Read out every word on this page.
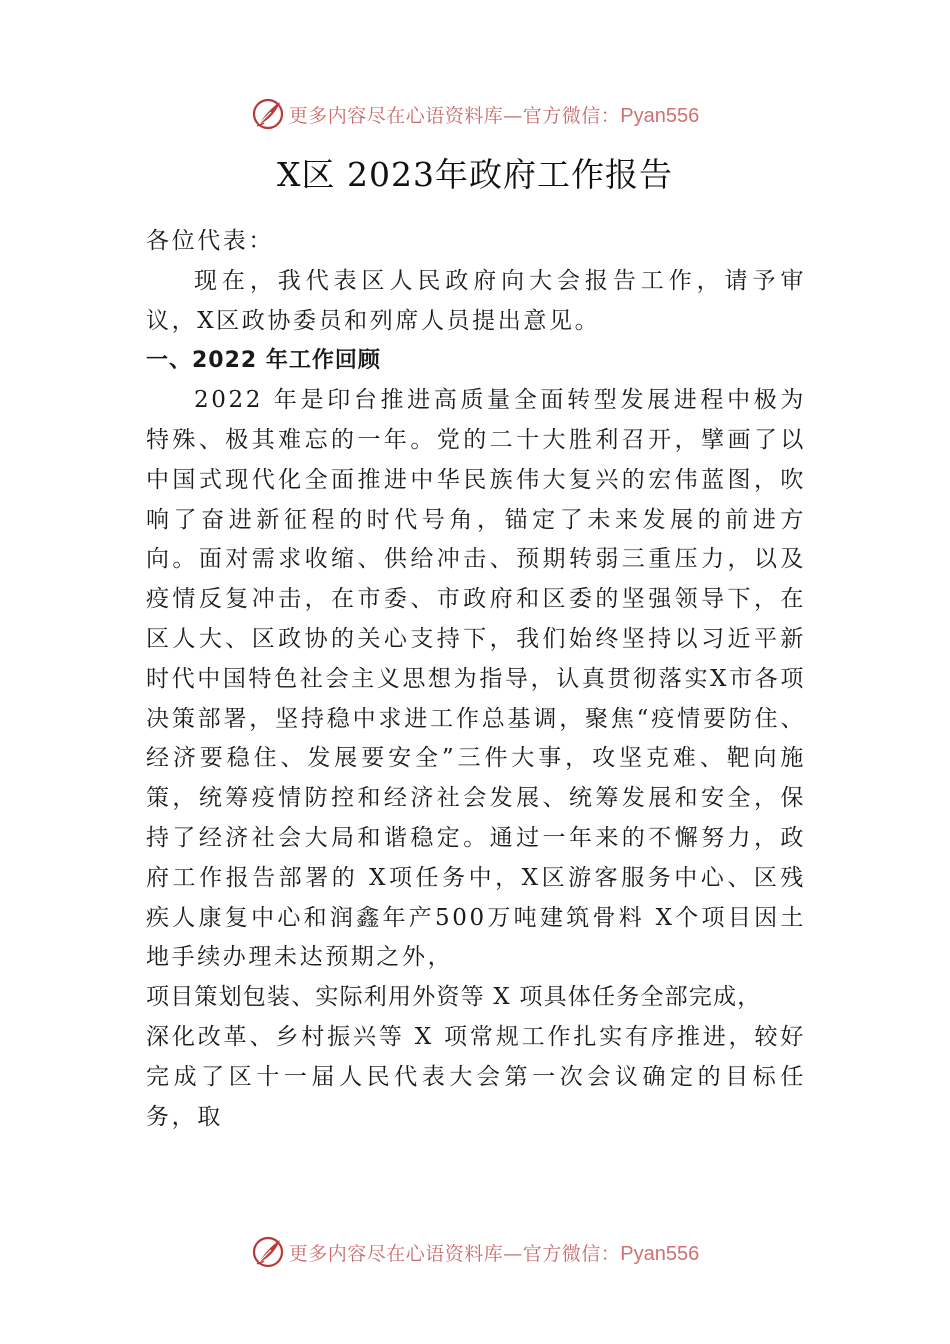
更多内容尽在心语资料库—官方微信：Pyan556
X区 2023年政府工作报告

各位代表：

现在，我代表区人民政府向大会报告工作，请予审议，X区政协委员和列席人员提出意见。

一、2022 年工作回顾

2022 年是印台推进高质量全面转型发展进程中极为特殊、极其难忘的一年。党的二十大胜利召开，擘画了以中国式现代化全面推进中华民族伟大复兴的宏伟蓝图，吹响了奋进新征程的时代号角，锚定了未来发展的前进方向。面对需求收缩、供给冲击、预期转弱三重压力，以及疫情反复冲击，在市委、市政府和区委的坚强领导下，在区人大、区政协的关心支持下，我们始终坚持以习近平新时代中国特色社会主义思想为指导，认真贯彻落实X市各项决策部署，坚持稳中求进工作总基调，聚焦“疫情要防住、经济要稳住、发展要安全”三件大事，攻坚克难、靶向施策，统筹疫情防控和经济社会发展、统筹发展和安全，保持了经济社会大局和谐稳定。通过一年来的不懈努力，政府工作报告部署的 X项任务中，X区游客服务中心、区残疾人康复中心和润鑫年产500万吨建筑骨料 X个项目因土地手续办理未达预期之外，

项目策划包装、实际利用外资等 X 项具体任务全部完成，

深化改革、乡村振兴等 X 项常规工作扎实有序推进，较好完成了区十一届人民代表大会第一次会议确定的目标任务，取

更多内容尽在心语资料库—官方微信：Pyan556
